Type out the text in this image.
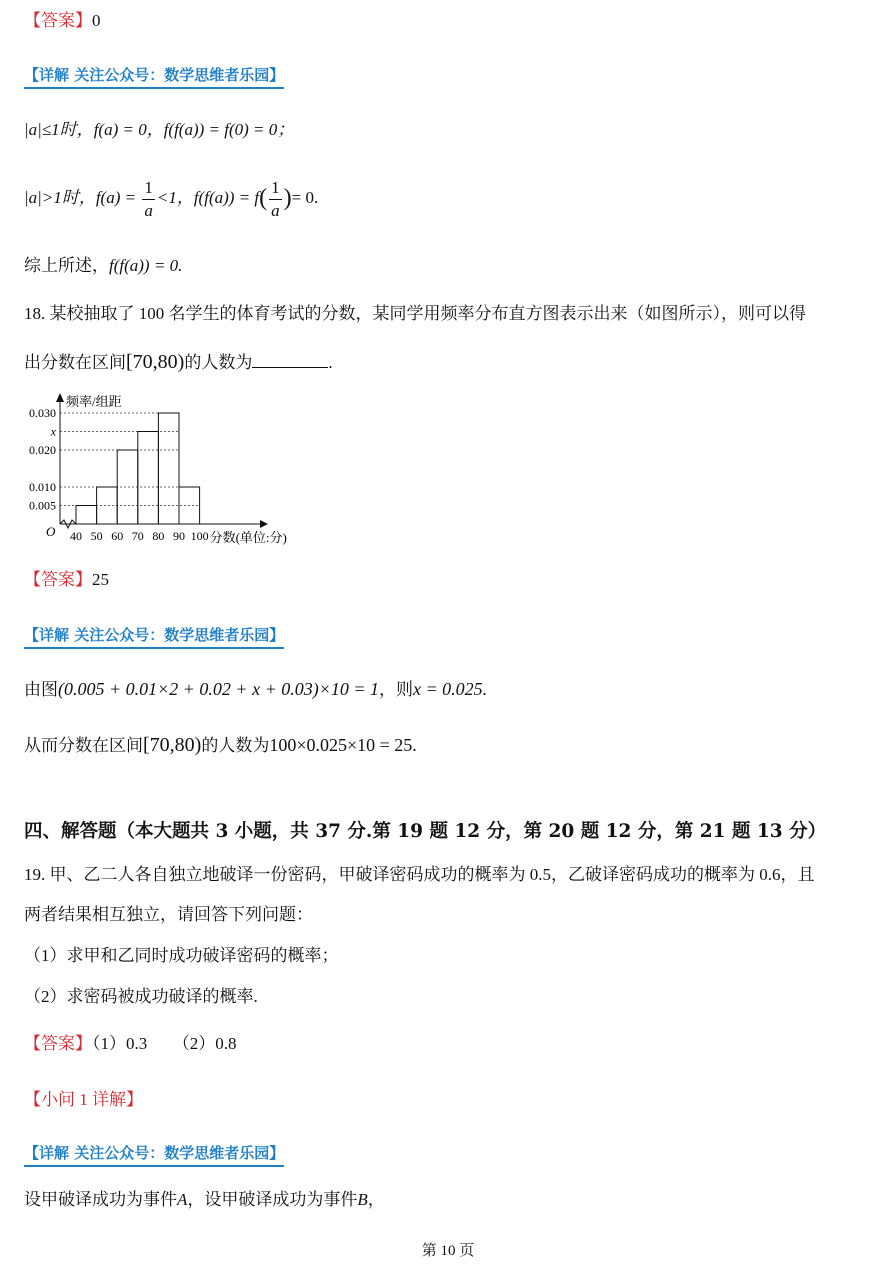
【答案】0
【详解 关注公众号：数学思维者乐园】
|a|≤1时，f(a) = 0，f(f(a)) = f(0) = 0；
|a|>1时，$f(a) = \frac{1}{a} <1$，$f(f(a)) = f( \frac{1}{a}$ )= 0.
综上所述，f(f(a)) = 0.
18. 某校抽取了 100 名学生的体育考试的分数，某同学用频率分布直方图表示出来（如图所示），则可以得
出分数在区间[70,80)的人数为	.
0.030
x
0.020
0.010
0.005
40 50 60 70 80 90 100
O	分数(单位:分)
频率/组距
【答案】25
【详解 关注公众号：数学思维者乐园】
由图(0.005 + 0.01×2 + 0.02 + x + 0.03)×10 = 1，则x = 0.025.
从而分数在区间[70,80)的人数为100×0.025×10 = 25.
四、解答题（本大题共 3 小题，共 37 分.第 19 题 12 分，第 20 题 12 分，第 21 题 13 分）
19. 甲、乙二人各自独立地破译一份密码，甲破译密码成功的概率为 0.5，乙破译密码成功的概率为 0.6，且
两者结果相互独立，请回答下列问题：
（1）求甲和乙同时成功破译密码的概率；
（2）求密码被成功破译的概率.
【答案】（1）0.3　　（2）0.8
【小问 1 详解】
【详解 关注公众号：数学思维者乐园】
设甲破译成功为事件A，设甲破译成功为事件B，
第 10 页
